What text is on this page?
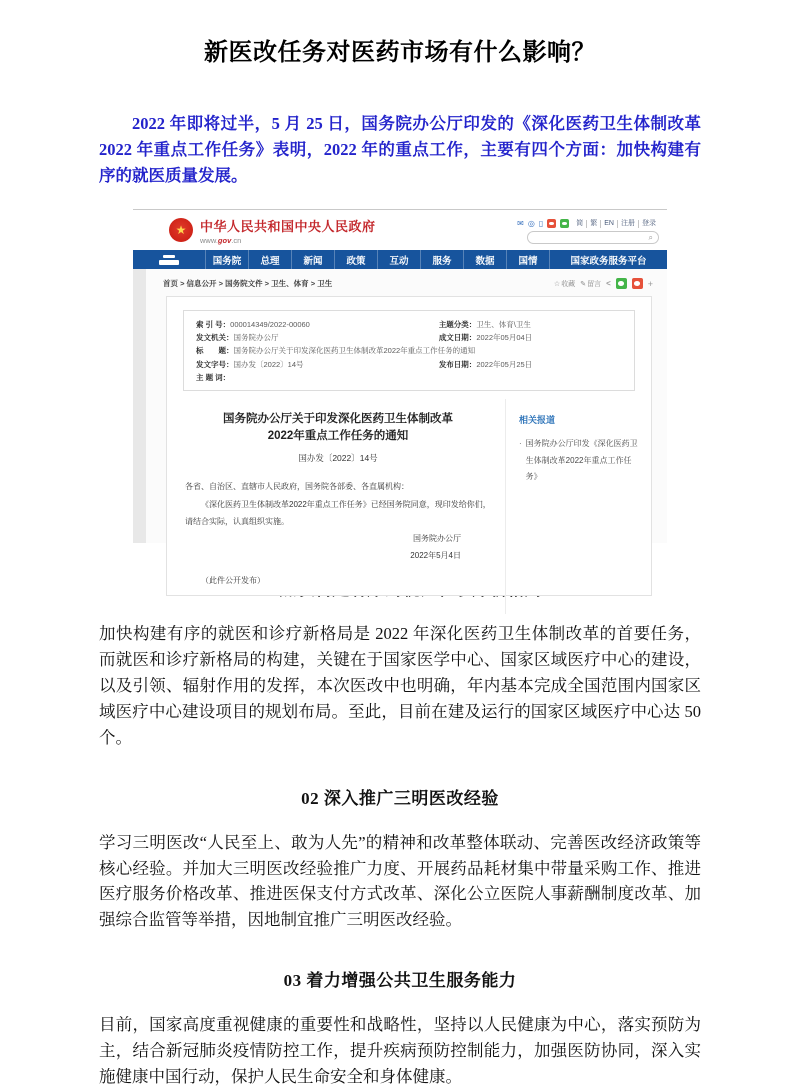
新医改任务对医药市场有什么影响？

2022 年即将过半，5 月 25 日，国务院办公厅印发的《深化医药卫生体制改革 2022 年重点工作任务》表明，2022 年的重点工作，主要有四个方面：加快构建有序的就医质量发展。

★ 中华人民共和国中央人民政府
www.gov.cn
✉ ◎ ▯	简	繁	EN	注册	登录
⌕
国务院	总理	新闻	政策	互动	服务	数据	国情	国家政务服务平台
首页 > 信息公开 > 国务院文件 > 卫生、体育 > 卫生	☆ 收藏 ✎ 留言 <	+
索 引 号： 000014349/2022-00060	主题分类： 卫生、体育\卫生
发文机关： 国务院办公厅	成文日期： 2022年05月04日
标　　题： 国务院办公厅关于印发深化医药卫生体制改革2022年重点工作任务的通知
发文字号： 国办发〔2022〕14号	发布日期： 2022年05月25日
主 题 词：
国务院办公厅关于印发深化医药卫生体制改革
2022年重点工作任务的通知
国办发〔2022〕14号
各省、自治区、直辖市人民政府，国务院各部委、各直属机构：
《深化医药卫生体制改革2022年重点工作任务》已经国务院同意，现印发给你们，请结合实际，认真组织实施。
国务院办公厅
2022年5月4日
（此件公开发布）
相关报道
· 国务院办公厅印发《深化医药卫生体制改革2022年重点工作任务》

加快构建有序的就医和诊疗新格局是 2022 年深化医药卫生体制改革的首要任务，而就医和诊疗新格局的构建，关键在于国家医学中心、国家区域医疗中心的建设，以及引领、辐射作用的发挥，本次医改中也明确，年内基本完成全国范围内国家区域医疗中心建设项目的规划布局。至此，目前在建及运行的国家区域医疗中心达 50 个。

02 深入推广三明医改经验

学习三明医改“人民至上、敢为人先”的精神和改革整体联动、完善医改经济政策等核心经验。并加大三明医改经验推广力度、开展药品耗材集中带量采购工作、推进医疗服务价格改革、推进医保支付方式改革、深化公立医院人事薪酬制度改革、加强综合监管等举措，因地制宜推广三明医改经验。

03 着力增强公共卫生服务能力

目前，国家高度重视健康的重要性和战略性，坚持以人民健康为中心，落实预防为主，结合新冠肺炎疫情防控工作，提升疾病预防控制能力，加强医防协同，深入实施健康中国行动，保护人民生命安全和身体健康。
